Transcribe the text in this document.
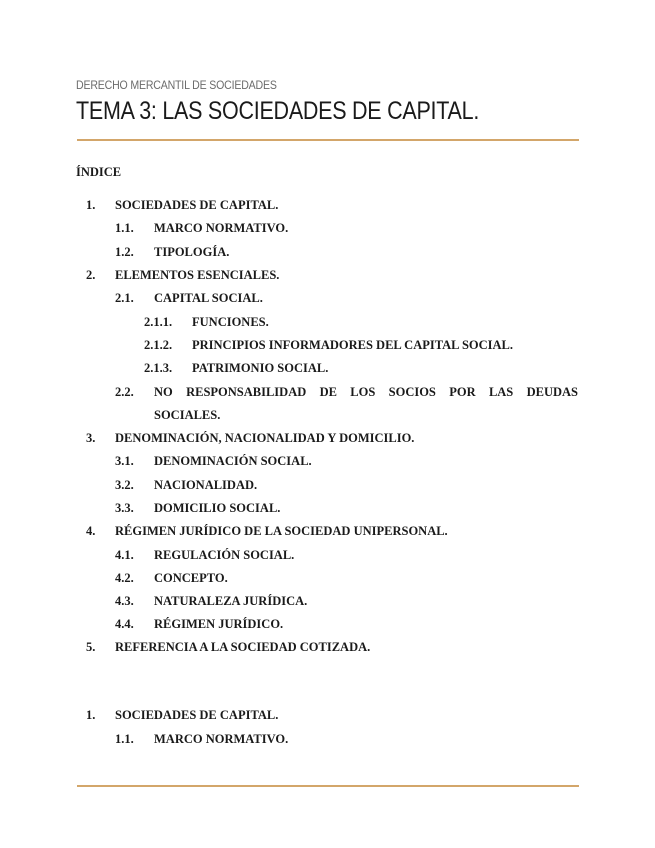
DERECHO MERCANTIL DE SOCIEDADES
TEMA 3: LAS SOCIEDADES DE CAPITAL.
ÍNDICE
1. SOCIEDADES DE CAPITAL.
1.1. MARCO NORMATIVO.
1.2. TIPOLOGÍA.
2. ELEMENTOS ESENCIALES.
2.1. CAPITAL SOCIAL.
2.1.1. FUNCIONES.
2.1.2. PRINCIPIOS INFORMADORES DEL CAPITAL SOCIAL.
2.1.3. PATRIMONIO SOCIAL.
2.2. NO RESPONSABILIDAD DE LOS SOCIOS POR LAS DEUDAS
SOCIALES.
3. DENOMINACIÓN, NACIONALIDAD Y DOMICILIO.
3.1. DENOMINACIÓN SOCIAL.
3.2. NACIONALIDAD.
3.3. DOMICILIO SOCIAL.
4. RÉGIMEN JURÍDICO DE LA SOCIEDAD UNIPERSONAL.
4.1. REGULACIÓN SOCIAL.
4.2. CONCEPTO.
4.3. NATURALEZA JURÍDICA.
4.4. RÉGIMEN JURÍDICO.
5. REFERENCIA A LA SOCIEDAD COTIZADA.
1. SOCIEDADES DE CAPITAL.
1.1. MARCO NORMATIVO.
